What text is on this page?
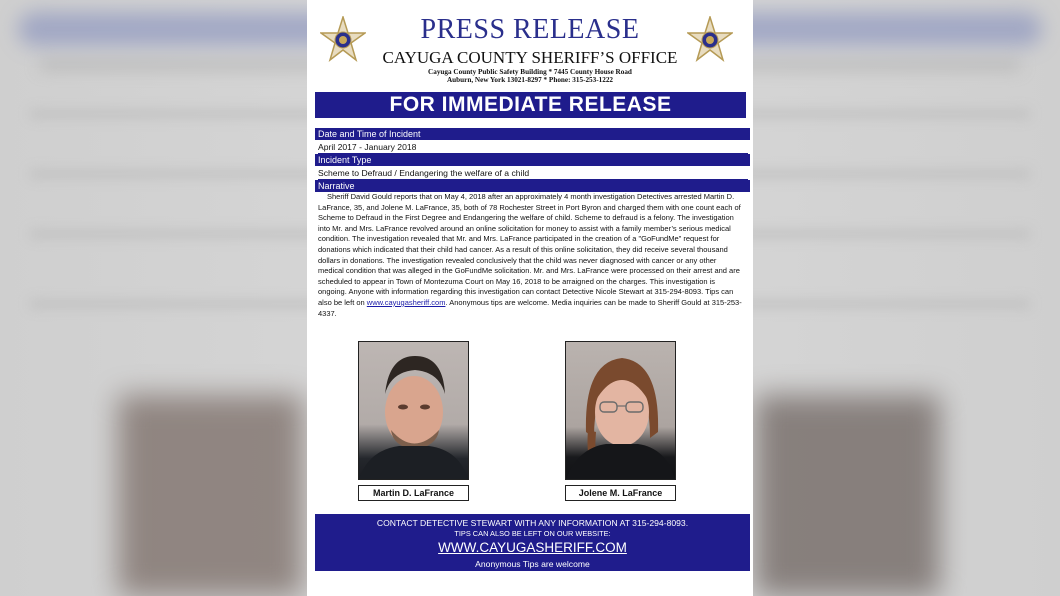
PRESS RELEASE
CAYUGA COUNTY SHERIFF’S OFFICE
Cayuga County Public Safety Building * 7445 County House Road
Auburn, New York 13021-8297 * Phone: 315-253-1222
FOR IMMEDIATE RELEASE
Date and Time of Incident
April 2017 - January 2018
Incident Type
Scheme to Defraud / Endangering the welfare of a child
Narrative
Sheriff David Gould reports that on May 4, 2018 after an approximately 4 month investigation Detectives arrested Martin D. LaFrance, 35, and Jolene M. LaFrance, 35, both of 78 Rochester Street in Port Byron and charged them with one count each of Scheme to Defraud in the First Degree and Endangering the welfare of child. Scheme to defraud is a felony. The investigation into Mr. and Mrs. LaFrance revolved around an online solicitation for money to assist with a family member’s serious medical condition. The investigation revealed that Mr. and Mrs. LaFrance participated in the creation of a "GoFundMe" request for donations which indicated that their child had cancer. As a result of this online solicitation, they did receive several thousand dollars in donations. The investigation revealed conclusively that the child was never diagnosed with cancer or any other medical condition that was alleged in the GoFundMe solicitation. Mr. and Mrs. LaFrance were processed on their arrest and are scheduled to appear in Town of Montezuma Court on May 16, 2018 to be arraigned on the charges. This investigation is ongoing. Anyone with information regarding this investigation can contact Detective Nicole Stewart at 315-294-8093. Tips can also be left on www.cayugasheriff.com. Anonymous tips are welcome. Media inquiries can be made to Sheriff Gould at 315-253-4337.
Martin D. LaFrance	Jolene M. LaFrance
CONTACT DETECTIVE STEWART WITH ANY INFORMATION AT 315-294-8093.
TIPS CAN ALSO BE LEFT ON OUR WEBSITE:
WWW.CAYUGASHERIFF.COM
Anonymous Tips are welcome
